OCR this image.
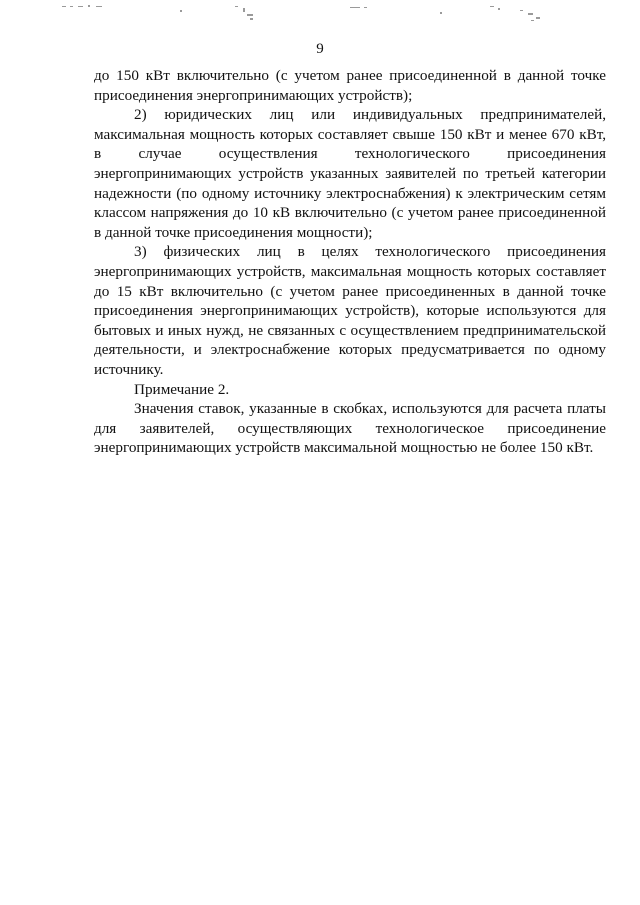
9

до 150 кВт включительно (с учетом ранее присоединенной в данной точке присоединения энергопринимающих устройств);

2) юридических лиц или индивидуальных предпринимателей, максимальная мощность которых составляет свыше 150 кВт и менее 670 кВт, в случае осуществления технологического присоединения энергопринимающих устройств указанных заявителей по третьей категории надежности (по одному источнику электроснабжения) к электрическим сетям классом напряжения до 10 кВ включительно (с учетом ранее присоединенной в данной точке присоединения мощности);

3) физических лиц в целях технологического присоединения энергопринимающих устройств, максимальная мощность которых составляет до 15 кВт включительно (с учетом ранее присоединенных в данной точке присоединения энергопринимающих устройств), которые используются для бытовых и иных нужд, не связанных с осуществлением предпринимательской деятельности, и электроснабжение которых предусматривается по одному источнику.

Примечание 2.

Значения ставок, указанные в скобках, используются для расчета платы для заявителей, осуществляющих технологическое присоединение энергопринимающих устройств максимальной мощностью не более 150 кВт.
